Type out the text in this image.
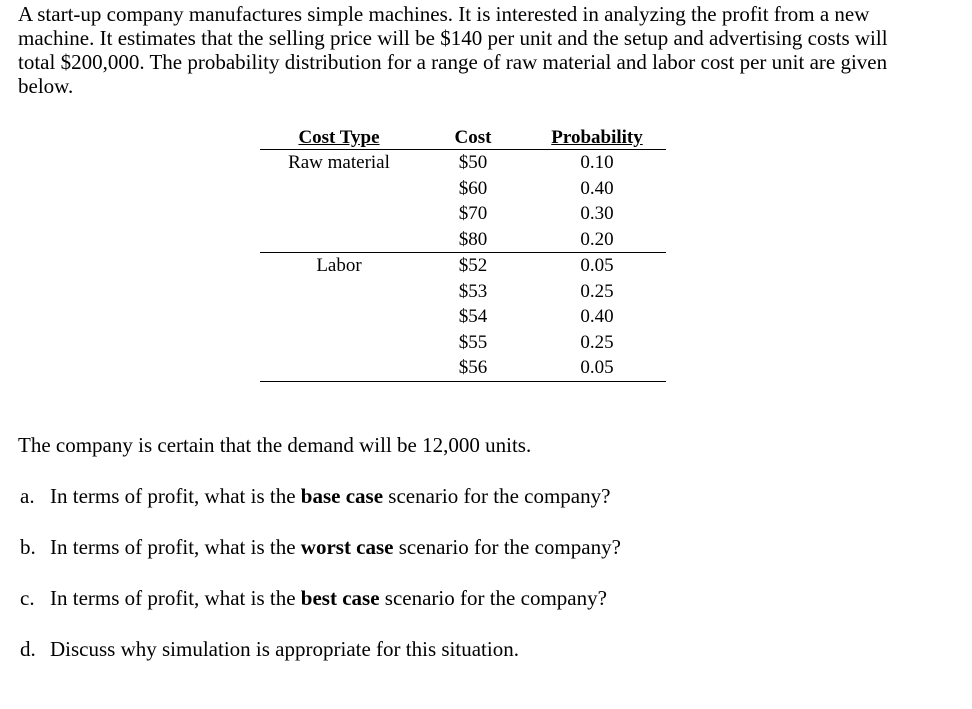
A start-up company manufactures simple machines. It is interested in analyzing the profit from a new machine. It estimates that the selling price will be $140 per unit and the setup and advertising costs will total $200,000. The probability distribution for a range of raw material and labor cost per unit are given below.
Cost Type	Cost	Probability
Raw material	$50	0.10
	$60	0.40
	$70	0.30
	$80	0.20
Labor	$52	0.05
	$53	0.25
	$54	0.40
	$55	0.25
	$56	0.05
The company is certain that the demand will be 12,000 units.
a. In terms of profit, what is the base case scenario for the company?
b. In terms of profit, what is the worst case scenario for the company?
c. In terms of profit, what is the best case scenario for the company?
d. Discuss why simulation is appropriate for this situation.
